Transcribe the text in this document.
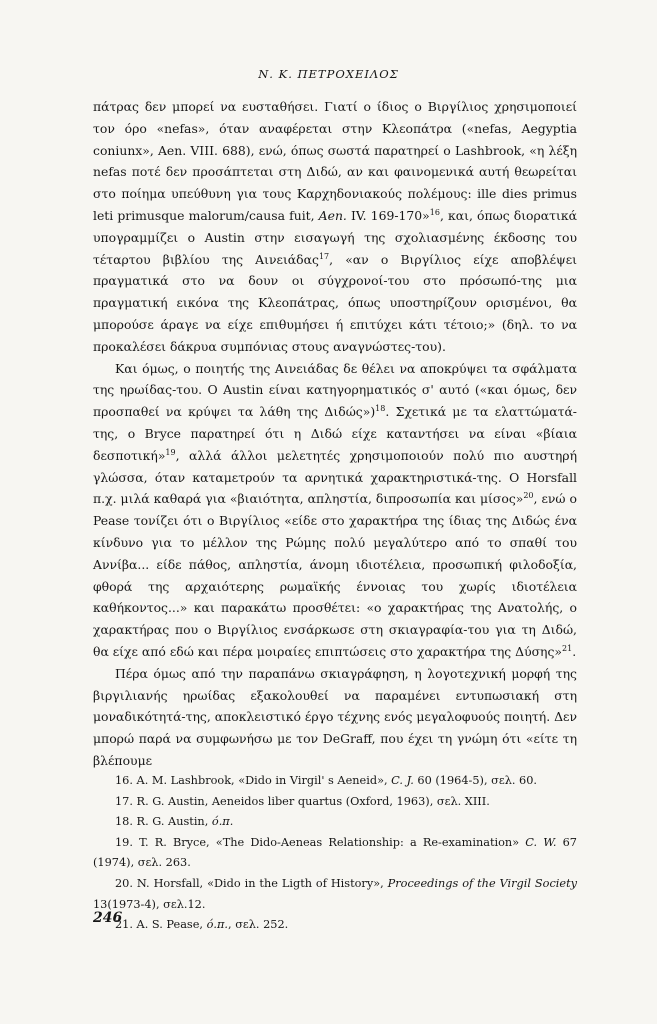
Ν. Κ. ΠΕΤΡΟΧΕΙΛΟΣ

πάτρας δεν μπορεί να ευσταθήσει. Γιατί ο ίδιος ο Βιργίλιος χρησιμοποιεί τον όρο «nefas», όταν αναφέρεται στην Κλεοπάτρα («nefas, Aegyptia coniunx», Aen. VIII. 688), ενώ, όπως σωστά παρατηρεί ο Lashbrook, «η λέξη nefas ποτέ δεν προσάπτεται στη Διδώ, αν και φαινομενικά αυτή θεωρείται στο ποίημα υπεύθυνη για τους Καρχηδονιακούς πολέμους: ille dies primus leti primusque malorum/causa fuit, Aen. IV. 169-170»$^{16}$, και, όπως διορατικά υπογραμμίζει ο Austin στην εισαγωγή της σχολιασμένης έκδοσης του τέταρτου βιβλίου της Αινειάδας$^{17}$, «αν ο Βιργίλιος είχε αποβλέψει πραγματικά στο να δουν οι σύγχρονοί-του στο πρόσωπό-της μια πραγματική εικόνα της Κλεοπάτρας, όπως υποστηρίζουν ορισμένοι, θα μπορούσε άραγε να είχε επιθυμήσει ή επιτύχει κάτι τέτοιο;» (δηλ. το να προκαλέσει δάκρυα συμπόνιας στους αναγνώστες-του).

Και όμως, ο ποιητής της Αινειάδας δε θέλει να αποκρύψει τα σφάλματα της ηρωίδας-του. Ο Austin είναι κατηγορηματικός σ' αυτό («και όμως, δεν προσπαθεί να κρύψει τα λάθη της Διδώς»)$^{18}$. Σχετικά με τα ελαττώματά-της, ο Bryce παρατηρεί ότι η Διδώ είχε καταντήσει να είναι «βίαια δεσποτική»$^{19}$, αλλά άλλοι μελετητές χρησιμοποιούν πολύ πιο αυστηρή γλώσσα, όταν καταμετρούν τα αρνητικά χαρακτηριστικά-της. Ο Horsfall π.χ. μιλά καθαρά για «βιαιότητα, απληστία, διπροσωπία και μίσος»$^{20}$, ενώ ο Pease τονίζει ότι ο Βιργίλιος «είδε στο χαρακτήρα της ίδιας της Διδώς ένα κίνδυνο για το μέλλον της Ρώμης πολύ μεγαλύτερο από το σπαθί του Αννίβα... είδε πάθος, απληστία, άνομη ιδιοτέλεια, προσωπική φιλοδοξία, φθορά της αρχαιότερης ρωμαϊκής έννοιας του χωρίς ιδιοτέλεια καθήκοντος...» και παρακάτω προσθέτει: «ο χαρακτήρας της Ανατολής, ο χαρακτήρας που ο Βιργίλιος ενσάρκωσε στη σκιαγραφία-του για τη Διδώ, θα είχε από εδώ και πέρα μοιραίες επιπτώσεις στο χαρακτήρα της Δύσης»$^{21}$.

Πέρα όμως από την παραπάνω σκιαγράφηση, η λογοτεχνική μορφή της βιργιλιανής ηρωίδας εξακολουθεί να παραμένει εντυπωσιακή στη μοναδικότητά-της, αποκλειστικό έργο τέχνης ενός μεγαλοφυούς ποιητή. Δεν μπορώ παρά να συμφωνήσω με τον DeGraff, που έχει τη γνώμη ότι «είτε τη βλέπουμε

16. A. M. Lashbrook, «Dido in Virgil' s Aeneid», C. J. 60 (1964-5), σελ. 60.

17. R. G. Austin, Aeneidos liber quartus (Oxford, 1963), σελ. XIII.

18. R. G. Austin, ό.π.

19. T. R. Bryce, «The Dido-Aeneas Relationship: a Re-examination» C. W. 67 (1974), σελ. 263.

20. N. Horsfall, «Dido in the Ligth of History», Proceedings of the Virgil Society 13(1973-4), σελ.12.

21. A. S. Pease, ό.π., σελ. 252.

246
